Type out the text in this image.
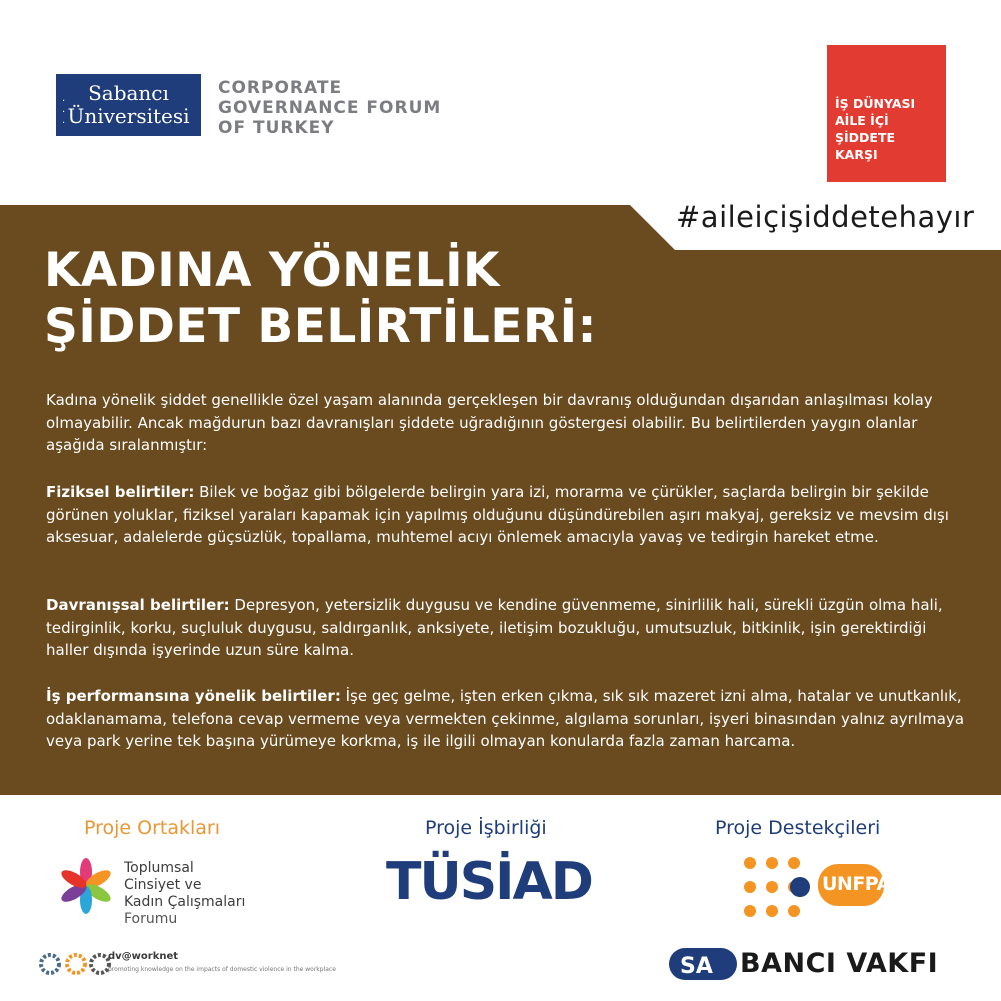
Sabancı
Üniversitesi
· · ·
CORPORATE
GOVERNANCE FORUM
OF TURKEY
İŞ DÜNYASI
AİLE İÇİ
ŞİDDETE
KARŞI
#aileiçişiddetehayır
KADINA YÖNELİK
ŞİDDET BELİRTİLERİ:
Kadına yönelik şiddet genellikle özel yaşam alanında gerçekleşen bir davranış olduğundan dışarıdan anlaşılması kolay olmayabilir. Ancak mağdurun bazı davranışları şiddete uğradığının göstergesi olabilir. Bu belirtilerden yaygın olanlar aşağıda sıralanmıştır:
Fiziksel belirtiler: Bilek ve boğaz gibi bölgelerde belirgin yara izi, morarma ve çürükler, saçlarda belirgin bir şekilde görünen yoluklar, fiziksel yaraları kapamak için yapılmış olduğunu düşündürebilen aşırı makyaj, gereksiz ve mevsim dışı aksesuar, adalelerde güçsüzlük, topallama, muhtemel acıyı önlemek amacıyla yavaş ve tedirgin hareket etme.
Davranışsal belirtiler: Depresyon, yetersizlik duygusu ve kendine güvenmeme, sinirlilik hali, sürekli üzgün olma hali, tedirginlik, korku, suçluluk duygusu, saldırganlık, anksiyete, iletişim bozukluğu, umutsuzluk, bitkinlik, işin gerektirdiği haller dışında işyerinde uzun süre kalma.
İş performansına yönelik belirtiler: İşe geç gelme, işten erken çıkma, sık sık mazeret izni alma, hatalar ve unutkanlık, odaklanamama, telefona cevap vermeme veya vermekten çekinme, algılama sorunları, işyeri binasından yalnız ayrılmaya veya park yerine tek başına yürümeye korkma, iş ile ilgili olmayan konularda fazla zaman harcama.
Proje Ortakları	Proje İşbirliği	Proje Destekçileri
Toplumsal
Cinsiyet ve
Kadın Çalışmaları
Forumu
dv@worknet
promoting knowledge on the impacts of domestic violence in the workplace
TÜSİAD	UNFPA
SA BANCI VAKFI
